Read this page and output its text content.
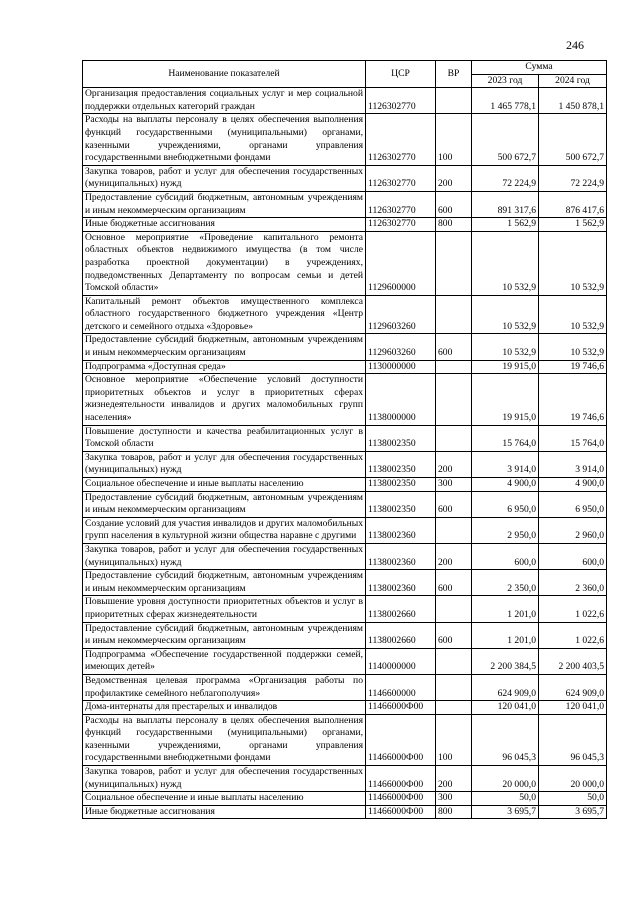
246
Наименование показателей	ЦСР	ВР	Сумма	
			2023 год	2024 год
Организация предоставления социальных услуг и мер социальной поддержки отдельных категорий граждан	1126302770		1 465 778,1	1 450 878,1
Расходы на выплаты персоналу в целях обеспечения выполнения функций государственными (муниципальными) органами, казенными учреждениями, органами управления государственными внебюджетными фондами	1126302770	100	500 672,7	500 672,7
Закупка товаров, работ и услуг для обеспечения государственных (муниципальных) нужд	1126302770	200	72 224,9	72 224,9
Предоставление субсидий бюджетным, автономным учреждениям и иным некоммерческим организациям	1126302770	600	891 317,6	876 417,6
Иные бюджетные ассигнования	1126302770	800	1 562,9	1 562,9
Основное мероприятие «Проведение капитального ремонта областных объектов недвижимого имущества (в том числе разработка проектной документации) в учреждениях, подведомственных Департаменту по вопросам семьи и детей Томской области»	1129600000		10 532,9	10 532,9
Капитальный ремонт объектов имущественного комплекса областного государственного бюджетного учреждения «Центр детского и семейного отдыха «Здоровье»	1129603260		10 532,9	10 532,9
Предоставление субсидий бюджетным, автономным учреждениям и иным некоммерческим организациям	1129603260	600	10 532,9	10 532,9
Подпрограмма «Доступная среда»	1130000000		19 915,0	19 746,6
Основное мероприятие «Обеспечение условий доступности приоритетных объектов и услуг в приоритетных сферах жизнедеятельности инвалидов и других маломобильных групп населения»	1138000000		19 915,0	19 746,6
Повышение доступности и качества реабилитационных услуг в Томской области	1138002350		15 764,0	15 764,0
Закупка товаров, работ и услуг для обеспечения государственных (муниципальных) нужд	1138002350	200	3 914,0	3 914,0
Социальное обеспечение и иные выплаты населению	1138002350	300	4 900,0	4 900,0
Предоставление субсидий бюджетным, автономным учреждениям и иным некоммерческим организациям	1138002350	600	6 950,0	6 950,0
Создание условий для участия инвалидов и других маломобильных групп населения в культурной жизни общества наравне с другими	1138002360		2 950,0	2 960,0
Закупка товаров, работ и услуг для обеспечения государственных (муниципальных) нужд	1138002360	200	600,0	600,0
Предоставление субсидий бюджетным, автономным учреждениям и иным некоммерческим организациям	1138002360	600	2 350,0	2 360,0
Повышение уровня доступности приоритетных объектов и услуг в приоритетных сферах жизнедеятельности	1138002660		1 201,0	1 022,6
Предоставление субсидий бюджетным, автономным учреждениям и иным некоммерческим организациям	1138002660	600	1 201,0	1 022,6
Подпрограмма «Обеспечение государственной поддержки семей, имеющих детей»	1140000000		2 200 384,5	2 200 403,5
Ведомственная целевая программа «Организация работы по профилактике семейного неблагополучия»	1146600000		624 909,0	624 909,0
Дома-интернаты для престарелых и инвалидов	11466000Ф00		120 041,0	120 041,0
Расходы на выплаты персоналу в целях обеспечения выполнения функций государственными (муниципальными) органами, казенными учреждениями, органами управления государственными внебюджетными фондами	11466000Ф00	100	96 045,3	96 045,3
Закупка товаров, работ и услуг для обеспечения государственных (муниципальных) нужд	11466000Ф00	200	20 000,0	20 000,0
Социальное обеспечение и иные выплаты населению	11466000Ф00	300	50,0	50,0
Иные бюджетные ассигнования	11466000Ф00	800	3 695,7	3 695,7
